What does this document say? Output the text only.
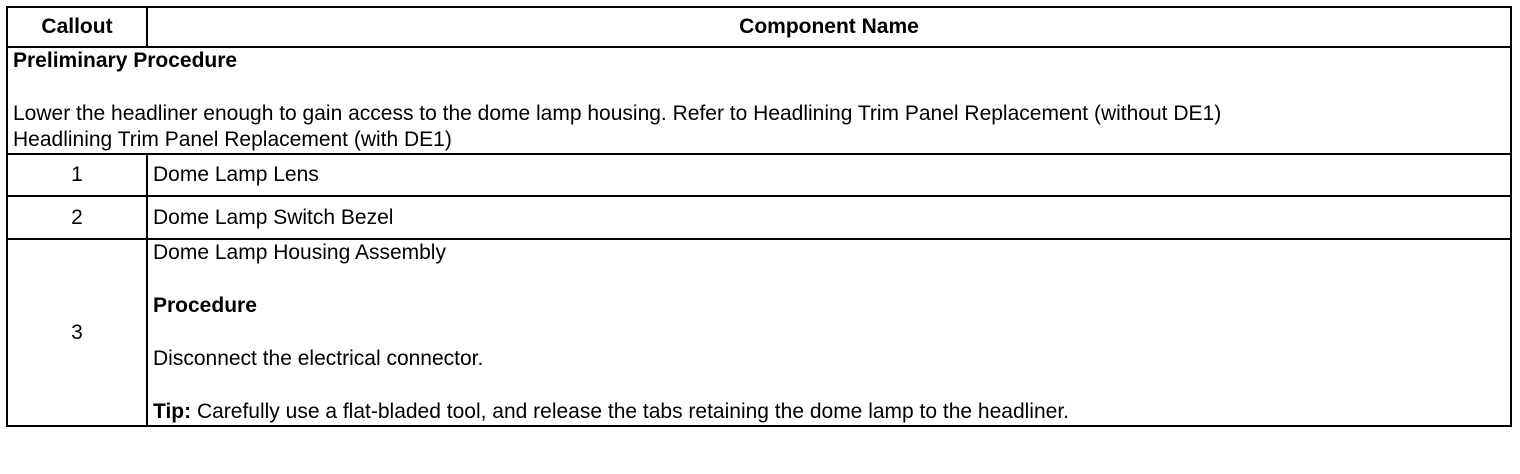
Callout	Component Name

Preliminary Procedure

Lower the headliner enough to gain access to the dome lamp housing. Refer to Headlining Trim Panel Replacement (without DE1)
Headlining Trim Panel Replacement (with DE1)	

1	Dome Lamp Lens
2	Dome Lamp Switch Bezel
3	Dome Lamp Housing Assembly

Procedure

Disconnect the electrical connector.

Tip: Carefully use a flat-bladed tool, and release the tabs retaining the dome lamp to the headliner.
